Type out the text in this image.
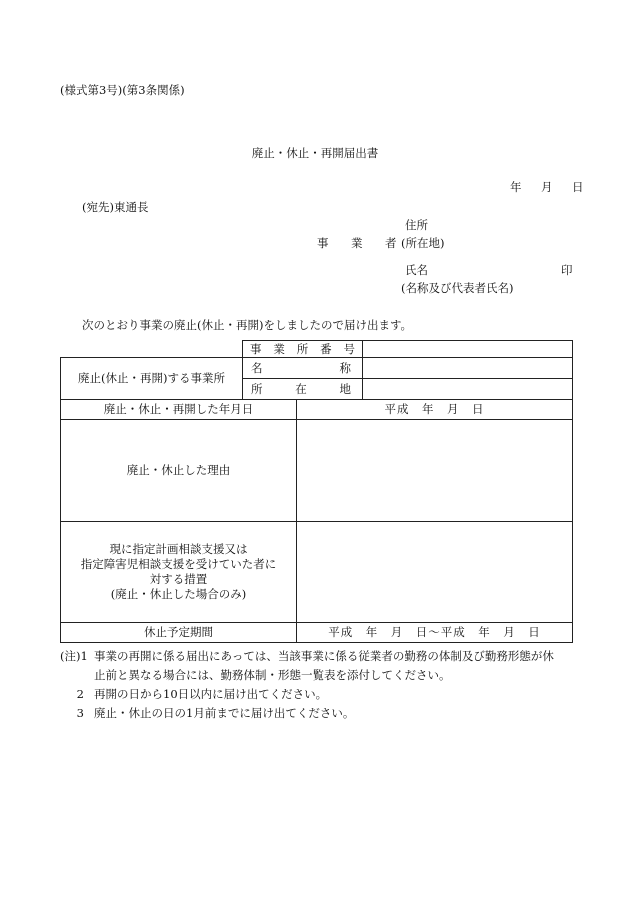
(様式第3号)(第3条関係)
廃止・休止・再開届出書
年　月　日
(宛先)東通長
住所
事 業 者 (所在地)
氏名	印
(名称及び代表者氏名)
次のとおり事業の廃止(休止・再開)をしましたので届け出ます。

	事 業 所 番 号		

廃止(休止・再開)する事業所	名 称		

	所 在 地		

廃止・休止・再開した年月日		平成　年　月　日	
廃止・休止した理由			

現に指定計画相談支援又は
指定障害児相談支援を受けていた者に
対する措置
(廃止・休止した場合のみ)			

休止予定期間		平成　年　月　日〜平成　年　月　日	
(注)1 事業の再開に係る届出にあっては、当該事業に係る従業者の勤務の体制及び勤務形態が休
止前と異なる場合には、勤務体制・形態一覧表を添付してください。
2 再開の日から10日以内に届け出てください。
3 廃止・休止の日の1月前までに届け出てください。
